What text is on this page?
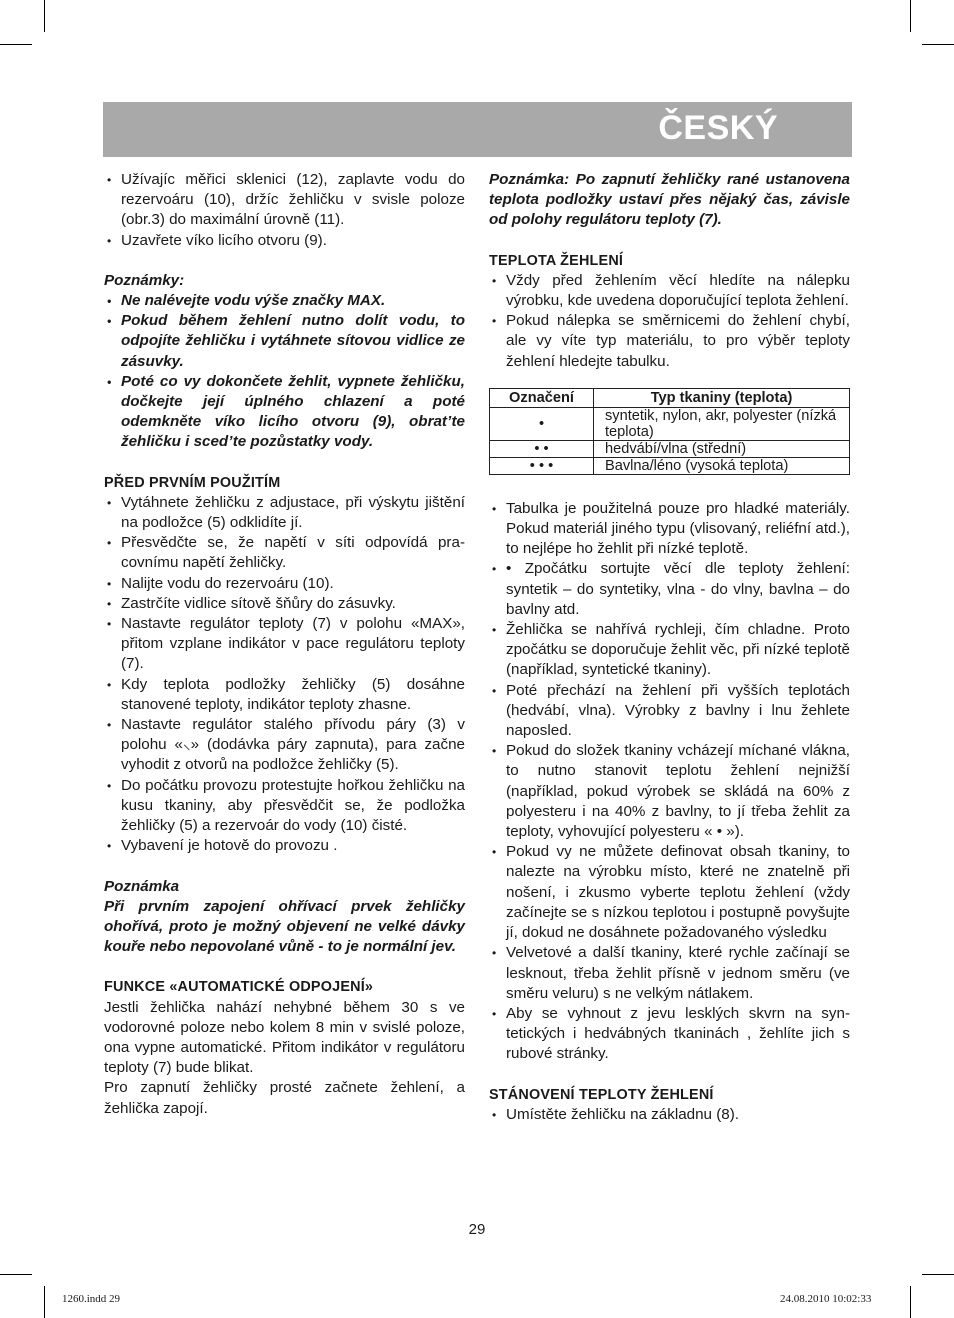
ČESKÝ
• Užívajíc měřici sklenici (12), zaplavte vodu do rezervoáru (10), držíc žehličku v svisle poloze (obr.3) do maximální úrovně (11).
• Uzavřete víko licího otvoru (9).
Poznámky:
• Ne nalévejte vodu výše značky MAX.
• Pokud během žehlení nutno dolít vodu, to odpojíte žehličku i vytáhnete sítovou vidlice ze zásuvky.
• Poté co vy dokončete žehlit, vypnete žehličku, dočkejte její úplného chlazení a poté odemkněte víko licího otvoru (9), obrat’te žehličku i sced’te pozůstatky vody.
PŘED PRVNÍM POUŽITÍM
• Vytáhnete žehličku z adjustace, při výskytu jištění na podložce (5) odklidíte jí.
• Přesvědčte se, že napětí v síti odpovídá pracovnímu napětí žehličky.
• Nalijte vodu do rezervoáru (10).
• Zastrčíte vidlice sítově šňůry do zásuvky.
• Nastavte regulátor teploty (7) v polohu «MAX», přitom vzplane indikátor v pace regulátoru teploty (7).
• Kdy teplota podložky žehličky (5) dosáhne stanovené teploty, indikátor teploty zhasne.
• Nastavte regulátor stalého přívodu páry (3) v polohu «⸜» (dodávka páry zapnuta), para začne vyhodit z otvorů na podložce žehličky (5).
• Do počátku provozu protestujte hořkou žehličku na kusu tkaniny, aby přesvědčit se, že podložka žehličky (5) a rezervoár do vody (10) čisté.
• Vybavení je hotově do provozu .
Poznámka
Při prvním zapojení ohřívací prvek žehličky ohořívá, proto je možný objevení ne velké dávky kouře nebo nepovolané vůně - to je normální jev.
FUNKCE «AUTOMATICKÉ ODPOJENÍ»
Jestli žehlička nahází nehybné během 30 s ve vodorovné poloze nebo kolem 8 min v svislé poloze, ona vypne automatické. Přitom indikátor v regulátoru teploty (7) bude blikat.
Pro zapnutí žehličky prosté začnete žehlení, a žehlička zapojí.
Poznámka: Po zapnutí žehličky rané ustanovena teplota podložky ustaví přes nějaký čas, závisle od polohy regulátoru teploty (7).
TEPLOTA ŽEHLENÍ
• Vždy před žehlením věcí hledíte na nálepku výrobku, kde uvedena doporučující teplota žehlení.
• Pokud nálepka se směrnicemi do žehlení chybí, ale vy víte typ materiálu, to pro výběr teploty žehlení hledejte tabulku.
Označení	Typ tkaniny (teplota)
•	syntetik, nylon, akr, polyester (nízká teplota)
• •	hedvábí/vlna (střední)
• • •	Bavlna/léno (vysoká teplota)
• Tabulka je použitelná pouze pro hladké materiály. Pokud materiál jiného typu (vlisovaný, reliéfní atd.), to nejlépe ho žehlit při nízké teplotě.
• • Zpočátku sortujte věcí dle teploty žehlení: syntetik – do syntetiky, vlna - do vlny, bavlna – do bavlny atd.
• Žehlička se nahřívá rychleji, čím chladne. Proto zpočátku se doporučuje žehlit věc, při nízké teplotě (například, syntetické tkaniny).
• Poté přechází na žehlení při vyšších teplotách (hedvábí, vlna). Výrobky z bavlny i lnu žehlete naposled.
• Pokud do složek tkaniny vcházejí míchané vlákna, to nutno stanovit teplotu žehlení nejnižší (například, pokud výrobek se skládá na 60% z polyesteru i na 40% z bavlny, to jí třeba žehlit za teploty, vyhovující polyesteru « • »).
• Pokud vy ne můžete definovat obsah tkaniny, to nalezte na výrobku místo, které ne znatelně při nošení, i zkusmo vyberte teplotu žehlení (vždy začínejte se s nízkou teplotou i postupně povyšujte jí, dokud ne dosáhnete požadovaného výsledku
• Velvetové a další tkaniny, které rychle začínají se lesknout, třeba žehlit přísně v jednom směru (ve směru veluru) s ne velkým nátlakem.
• Aby se vyhnout z jevu lesklých skvrn na syntetických i hedvábných tkaninách , žehlíte jich s rubové stránky.
STÁNOVENÍ TEPLOTY ŽEHLENÍ
• Umístěte žehličku na základnu (8).
29
1260.indd 29	24.08.2010 10:02:33
